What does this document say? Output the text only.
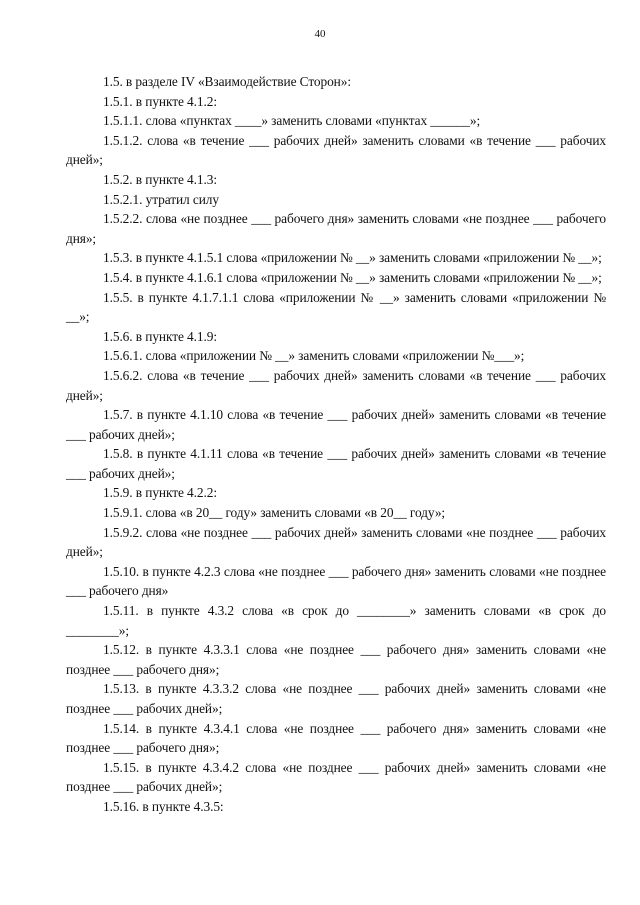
40

1.5. в разделе IV «Взаимодействие Сторон»:

1.5.1. в пункте 4.1.2:

1.5.1.1. слова «пунктах ____» заменить словами «пунктах ______»;

1.5.1.2. слова «в течение ___ рабочих дней» заменить словами «в течение ___ рабочих дней»;

1.5.2. в пункте 4.1.3:

1.5.2.1. утратил силу

1.5.2.2. слова «не позднее ___ рабочего дня» заменить словами «не позднее ___ рабочего дня»;

1.5.3. в пункте 4.1.5.1 слова «приложении № __» заменить словами «приложении № __»;

1.5.4. в пункте 4.1.6.1 слова «приложении № __» заменить словами «приложении № __»;

1.5.5. в пункте 4.1.7.1.1 слова «приложении № __» заменить словами «приложении № __»;

1.5.6. в пункте 4.1.9:

1.5.6.1. слова «приложении № __» заменить словами «приложении №___»;

1.5.6.2. слова «в течение ___ рабочих дней» заменить словами «в течение ___ рабочих дней»;

1.5.7. в пункте 4.1.10 слова «в течение ___ рабочих дней» заменить словами «в течение ___ рабочих дней»;

1.5.8. в пункте 4.1.11 слова «в течение ___ рабочих дней» заменить словами «в течение ___ рабочих дней»;

1.5.9. в пункте 4.2.2:

1.5.9.1. слова «в 20__ году» заменить словами «в 20__ году»;

1.5.9.2. слова «не позднее ___ рабочих дней» заменить словами «не позднее ___ рабочих дней»;

1.5.10. в пункте 4.2.3 слова «не позднее ___ рабочего дня» заменить словами «не позднее ___ рабочего дня»

1.5.11. в пункте 4.3.2 слова «в срок до ________» заменить словами «в срок до ________»;

1.5.12. в пункте 4.3.3.1 слова «не позднее ___ рабочего дня» заменить словами «не позднее ___ рабочего дня»;

1.5.13. в пункте 4.3.3.2 слова «не позднее ___ рабочих дней» заменить словами «не позднее ___ рабочих дней»;

1.5.14. в пункте 4.3.4.1 слова «не позднее ___ рабочего дня» заменить словами «не позднее ___ рабочего дня»;

1.5.15. в пункте 4.3.4.2 слова «не позднее ___ рабочих дней» заменить словами «не позднее ___ рабочих дней»;

1.5.16. в пункте 4.3.5:
